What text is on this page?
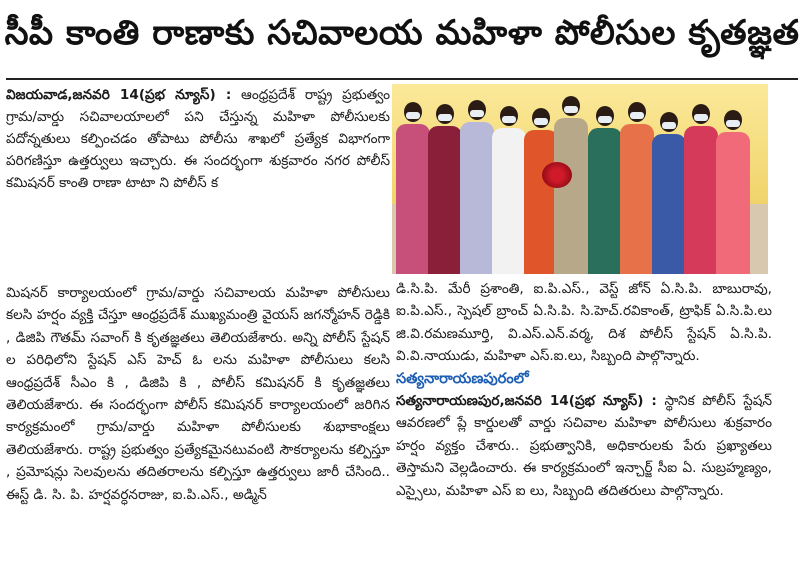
సీపీ కాంతి రాణాకు సచివాలయ మహిళా పోలీసుల కృతజ్ఞత

విజయవాడ,జనవరి 14(ప్రభ న్యూస్) : ఆంధ్రప్రదేశ్ రాష్ట్ర ప్రభుత్వం గ్రామ/వార్డు సచివాలయాలలో పని చేస్తున్న మహిళా పోలీసులకు పదోన్నతులు కల్పించడం తోపాటు పోలీసు శాఖలో ప్రత్యేక విభాగంగా పరిగణిస్తూ ఉత్తర్వులు ఇచ్చారు. ఈ సందర్భంగా శుక్రవారం నగర పోలీస్ కమిషనర్ కాంతి రాణా టాటా ని పోలీస్ క

మిషనర్ కార్యాలయంలో గ్రామ/వార్డు సచివాలయ మహిళా పోలీసులు కలసి హర్షం వ్యక్తి చేస్తూ ఆంధ్రప్రదేశ్ ముఖ్యమంత్రి వైయస్ జగన్మోహన్ రెడ్డికి , డిజిపి గౌతమ్ సవాంగ్ కి కృతజ్ఞతలు తెలియజేశారు. అన్ని పోలీస్ స్టేషన్ ల పరిధిలోని స్టేషన్ ఎస్ హెచ్ ఓ లను మహిళా పోలీసులు కలసి ఆంధ్రప్రదేశ్ సీఎం కి , డిజిపి కి , పోలీస్ కమిషనర్ కి కృతజ్ఞతలు తెలియజేశారు. ఈ సందర్భంగా పోలీస్ కమిషనర్ కార్యాలయంలో జరిగిన కార్యక్రమంలో గ్రామ/వార్డు మహిళా పోలీసులకు శుభాకాంక్షలు తెలియజేశారు. రాష్ట్ర ప్రభుత్వం ప్రత్యేకమైనటువంటి సౌకర్యాలను కల్పిస్తూ , ప్రమోషన్లు సెలవులను తదితరాలను కల్పిస్తూ ఉత్తర్వులు జారీ చేసింది.. ఈస్ట్ డి. సి. పి. హర్షవర్ధనరాజు, ఐ.పి.ఎస్., అడ్మిన్

డి.సి.పి. మేరీ ప్రశాంతి, ఐ.పి.ఎస్., వెస్ట్ జోన్ ఏ.సి.పి. బాబురావు, ఐ.పి.ఎస్., స్పెషల్ బ్రాంచ్ ఏ.సి.పి. సి.హెచ్.రవికాంత్, ట్రాఫిక్ ఏ.సి.పి.లు జి.వి.రమణమూర్తి, వి.ఎస్.ఎన్.వర్మ, దిశ పోలీస్ స్టేషన్ ఏ.సి.పి. వి.వి.నాయుడు, మహిళా ఎస్.ఐ.లు, సిబ్బంది పాల్గొన్నారు.

సత్యనారాయణపురంలో

సత్యనారాయణపుర,జనవరి 14(ప్రభ న్యూస్) : స్థానిక పోలీస్ స్టేషన్ ఆవరణలో ప్లే కార్డులతో వార్డు సచివాల మహిళా పోలీసులు శుక్రవారం హర్షం వ్యక్తం చేశారు.. ప్రభుత్వానికి, అధికారులకు పేరు ప్రఖ్యాతలు తెస్తామని వెల్లడించారు. ఈ కార్యక్రమంలో ఇన్చార్జ్ సీఐ ఏ. సుబ్రహ్మణ్యం, ఎస్సైలు, మహిళా ఎస్ ఐ లు, సిబ్బంది తదితరులు పాల్గొన్నారు.
